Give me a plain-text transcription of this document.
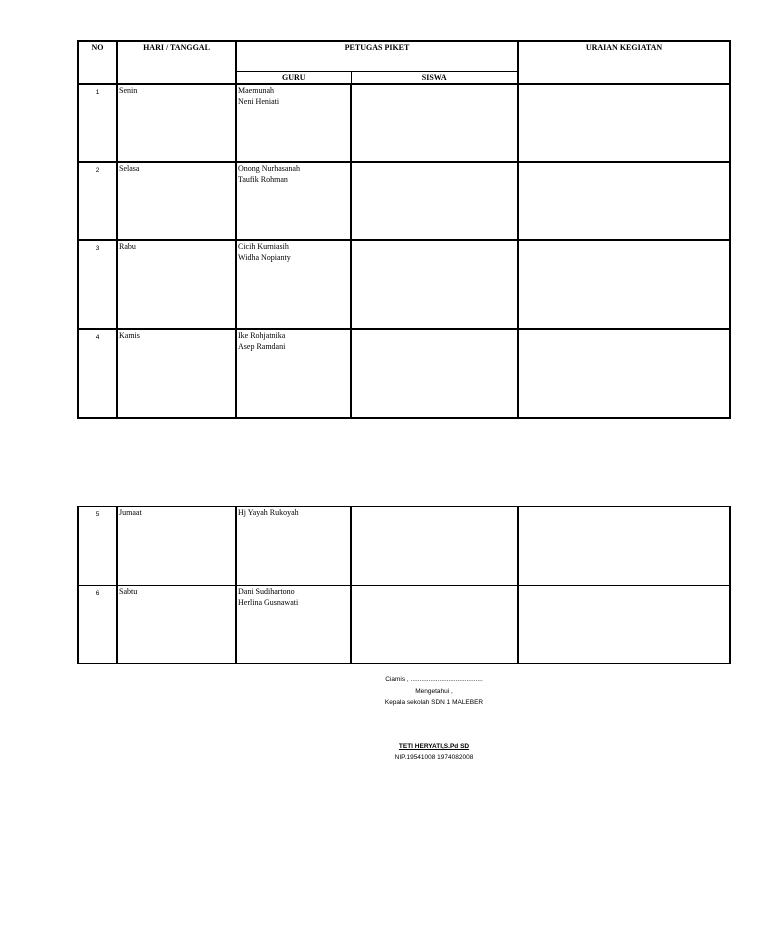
NO	HARI / TANGGAL	PETUGAS PIKET		URAIAN KEGIATAN
		GURU	SISWA	
1	Senin	Maemunah
Neni Heniati		

2	Selasa	Onong Nurhasanah
Taufik Rohman		

3	Rabu	Cicih Kurniasih
Widha Nopianty		

4	Kamis	Ike Rohjatnika
Asep Ramdani		

5	Jumaat	Hj Yayah Rukoyah		

6	Sabtu	Dani Sudihartono
Herlina Gusnawati		

Ciamis , ........................................
Mengetahui ,
Kepala sekolah SDN 1 MALEBER
TETI HERYATI,S.Pd SD
NIP.19541008 1974082008
